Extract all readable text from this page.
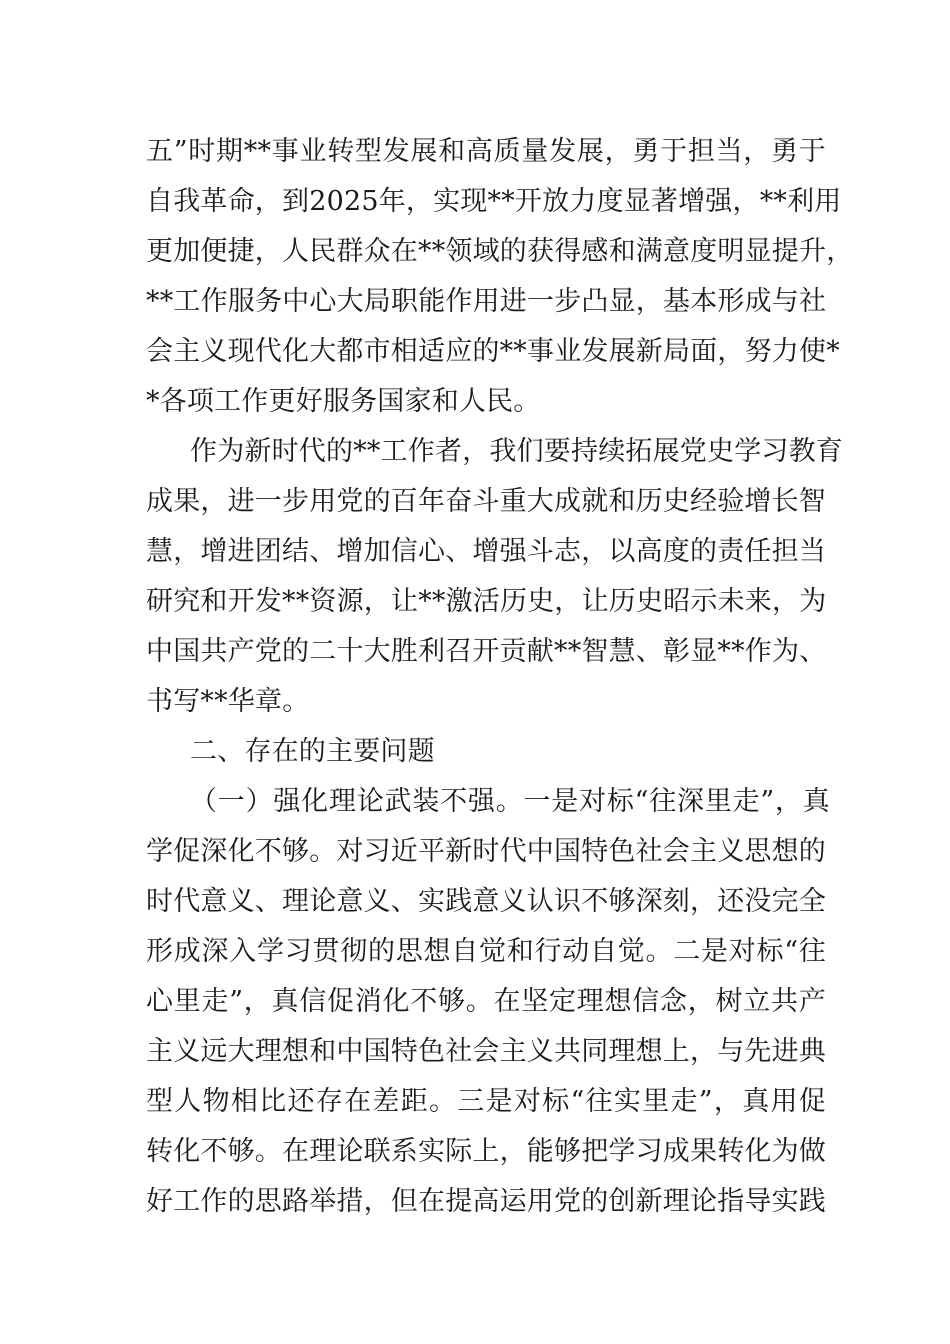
五”时期**事业转型发展和高质量发展，勇于担当，勇于
自我革命，到2025年，实现**开放力度显著增强，**利用
更加便捷，人民群众在**领域的获得感和满意度明显提升，
**工作服务中心大局职能作用进一步凸显，基本形成与社
会主义现代化大都市相适应的**事业发展新局面，努力使*
*各项工作更好服务国家和人民。
作为新时代的**工作者，我们要持续拓展党史学习教育
成果，进一步用党的百年奋斗重大成就和历史经验增长智
慧，增进团结、增加信心、增强斗志，以高度的责任担当
研究和开发**资源，让**激活历史，让历史昭示未来，为
中国共产党的二十大胜利召开贡献**智慧、彰显**作为、
书写**华章。
二、存在的主要问题
（一）强化理论武装不强。一是对标“往深里走”，真
学促深化不够。对习近平新时代中国特色社会主义思想的
时代意义、理论意义、实践意义认识不够深刻，还没完全
形成深入学习贯彻的思想自觉和行动自觉。二是对标“往
心里走”，真信促消化不够。在坚定理想信念，树立共产
主义远大理想和中国特色社会主义共同理想上，与先进典
型人物相比还存在差距。三是对标“往实里走”，真用促
转化不够。在理论联系实际上，能够把学习成果转化为做
好工作的思路举措，但在提高运用党的创新理论指导实践
